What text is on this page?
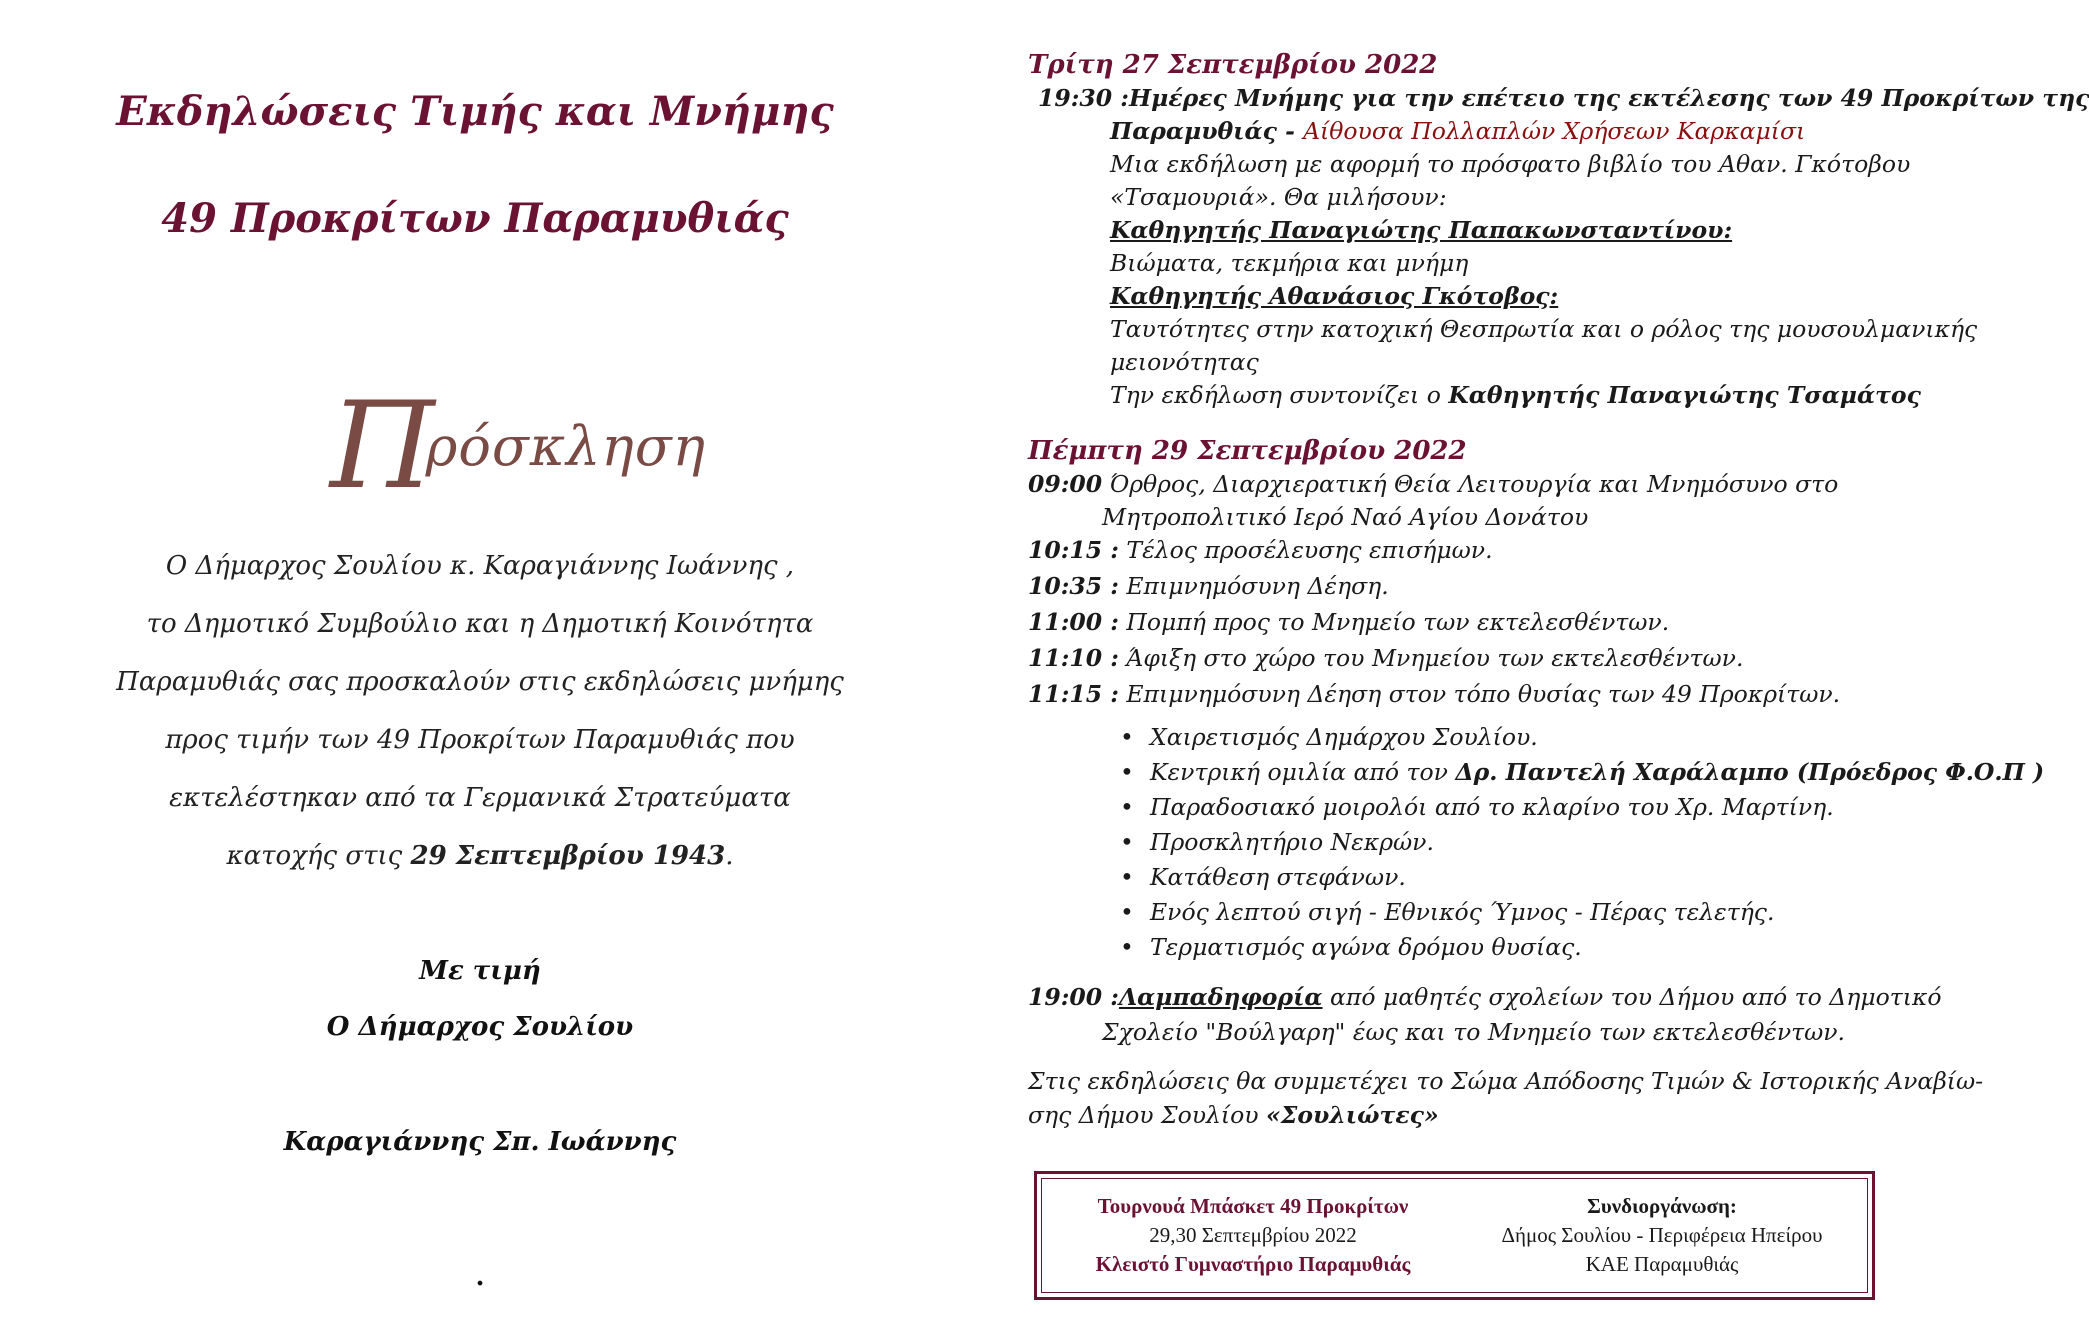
Εκδηλώσεις Τιμής και Μνήμης
49 Προκρίτων Παραμυθιάς
Πρόσκληση
Ο Δήμαρχος Σουλίου κ. Καραγιάννης Ιωάννης ,
το Δημοτικό Συμβούλιο και η Δημοτική Κοινότητα
Παραμυθιάς σας προσκαλούν στις εκδηλώσεις μνήμης
προς τιμήν των 49 Προκρίτων Παραμυθιάς που
εκτελέστηκαν από τα Γερμανικά Στρατεύματα
κατοχής στις 29 Σεπτεμβρίου 1943.
Με τιμή
Ο Δήμαρχος Σουλίου
Καραγιάννης Σπ. Ιωάννης
.
Τρίτη 27 Σεπτεμβρίου 2022
19:30 :Ημέρες Μνήμης για την επέτειο της εκτέλεσης των 49 Προκρίτων της
Παραμυθιάς - Αίθουσα Πολλαπλών Χρήσεων Καρκαμίσι
Μια εκδήλωση με αφορμή το πρόσφατο βιβλίο του Αθαν. Γκότοβου
«Τσαμουριά». Θα μιλήσουν:
Καθηγητής Παναγιώτης Παπακωνσταντίνου:
Βιώματα, τεκμήρια και μνήμη
Καθηγητής Αθανάσιος Γκότοβος:
Ταυτότητες στην κατοχική Θεσπρωτία και ο ρόλος της μουσουλμανικής
μειονότητας
Την εκδήλωση συντονίζει ο Καθηγητής Παναγιώτης Τσαμάτος
Πέμπτη 29 Σεπτεμβρίου 2022
09:00 Όρθρος, Διαρχιερατική Θεία Λειτουργία και Μνημόσυνο στο
Μητροπολιτικό Ιερό Ναό Αγίου Δονάτου
10:15 : Τέλος προσέλευσης επισήμων.
10:35 : Επιμνημόσυνη Δέηση.
11:00 : Πομπή προς το Μνημείο των εκτελεσθέντων.
11:10 : Άφιξη στο χώρο του Μνημείου των εκτελεσθέντων.
11:15 : Επιμνημόσυνη Δέηση στον τόπο θυσίας των 49 Προκρίτων.
• Χαιρετισμός Δημάρχου Σουλίου.
• Κεντρική ομιλία από τον Δρ. Παντελή Χαράλαμπο (Πρόεδρος Φ.Ο.Π )
• Παραδοσιακό μοιρολόι από το κλαρίνο του Χρ. Μαρτίνη.
• Προσκλητήριο Νεκρών.
• Κατάθεση στεφάνων.
• Ενός λεπτού σιγή - Εθνικός Ύμνος - Πέρας τελετής.
• Τερματισμός αγώνα δρόμου θυσίας.
19:00 :Λαμπαδηφορία από μαθητές σχολείων του Δήμου από το Δημοτικό
Σχολείο "Βούλγαρη" έως και το Μνημείο των εκτελεσθέντων.
Στις εκδηλώσεις θα συμμετέχει το Σώμα Απόδοσης Τιμών & Ιστορικής Αναβίω-
σης Δήμου Σουλίου «Σουλιώτες»
Τουρνουά Μπάσκετ 49 Προκρίτων
29,30 Σεπτεμβρίου 2022
Κλειστό Γυμναστήριο Παραμυθιάς
Συνδιοργάνωση:
Δήμος Σουλίου - Περιφέρεια Ηπείρου
ΚΑΕ Παραμυθιάς
